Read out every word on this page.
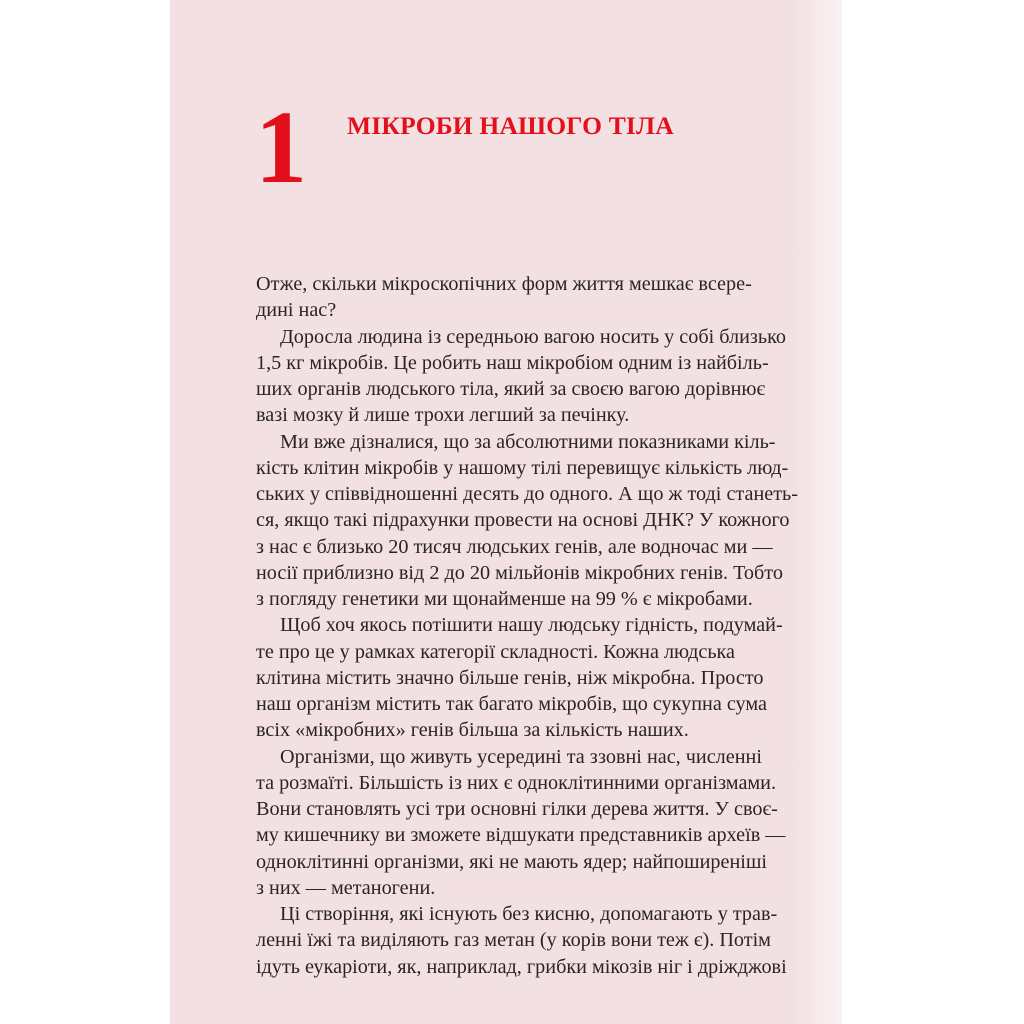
1 МІКРОБИ НАШОГО ТІЛА
Отже, скільки мікроскопічних форм життя мешкає всере-
дині нас?
Доросла людина із середньою вагою носить у собі близько
1,5 кг мікробів. Це робить наш мікробіом одним із найбіль-
ших органів людського тіла, який за своєю вагою дорівнює
вазі мозку й лише трохи легший за печінку.
Ми вже дізналися, що за абсолютними показниками кіль-
кість клітин мікробів у нашому тілі перевищує кількість люд-
ських у співвідношенні десять до одного. А що ж тоді станеть-
ся, якщо такі підрахунки провести на основі ДНК? У кожного
з нас є близько 20 тисяч людських генів, але водночас ми —
носії приблизно від 2 до 20 мільйонів мікробних генів. Тобто
з погляду генетики ми щонайменше на 99 % є мікробами.
Щоб хоч якось потішити нашу людську гідність, подумай-
те про це у рамках категорії складності. Кожна людська
клітина містить значно більше генів, ніж мікробна. Просто
наш організм містить так багато мікробів, що сукупна сума
всіх «мікробних» генів більша за кількість наших.
Організми, що живуть усередині та ззовні нас, численні
та розмаїті. Більшість із них є одноклітинними організмами.
Вони становлять усі три основні гілки дерева життя. У своє-
му кишечнику ви зможете відшукати представників археїв —
одноклітинні організми, які не мають ядер; найпоширеніші
з них — метаногени.
Ці створіння, які існують без кисню, допомагають у трав-
ленні їжі та виділяють газ метан (у корів вони теж є). Потім
ідуть еукаріоти, як, наприклад, грибки мікозів ніг і дріжджові
